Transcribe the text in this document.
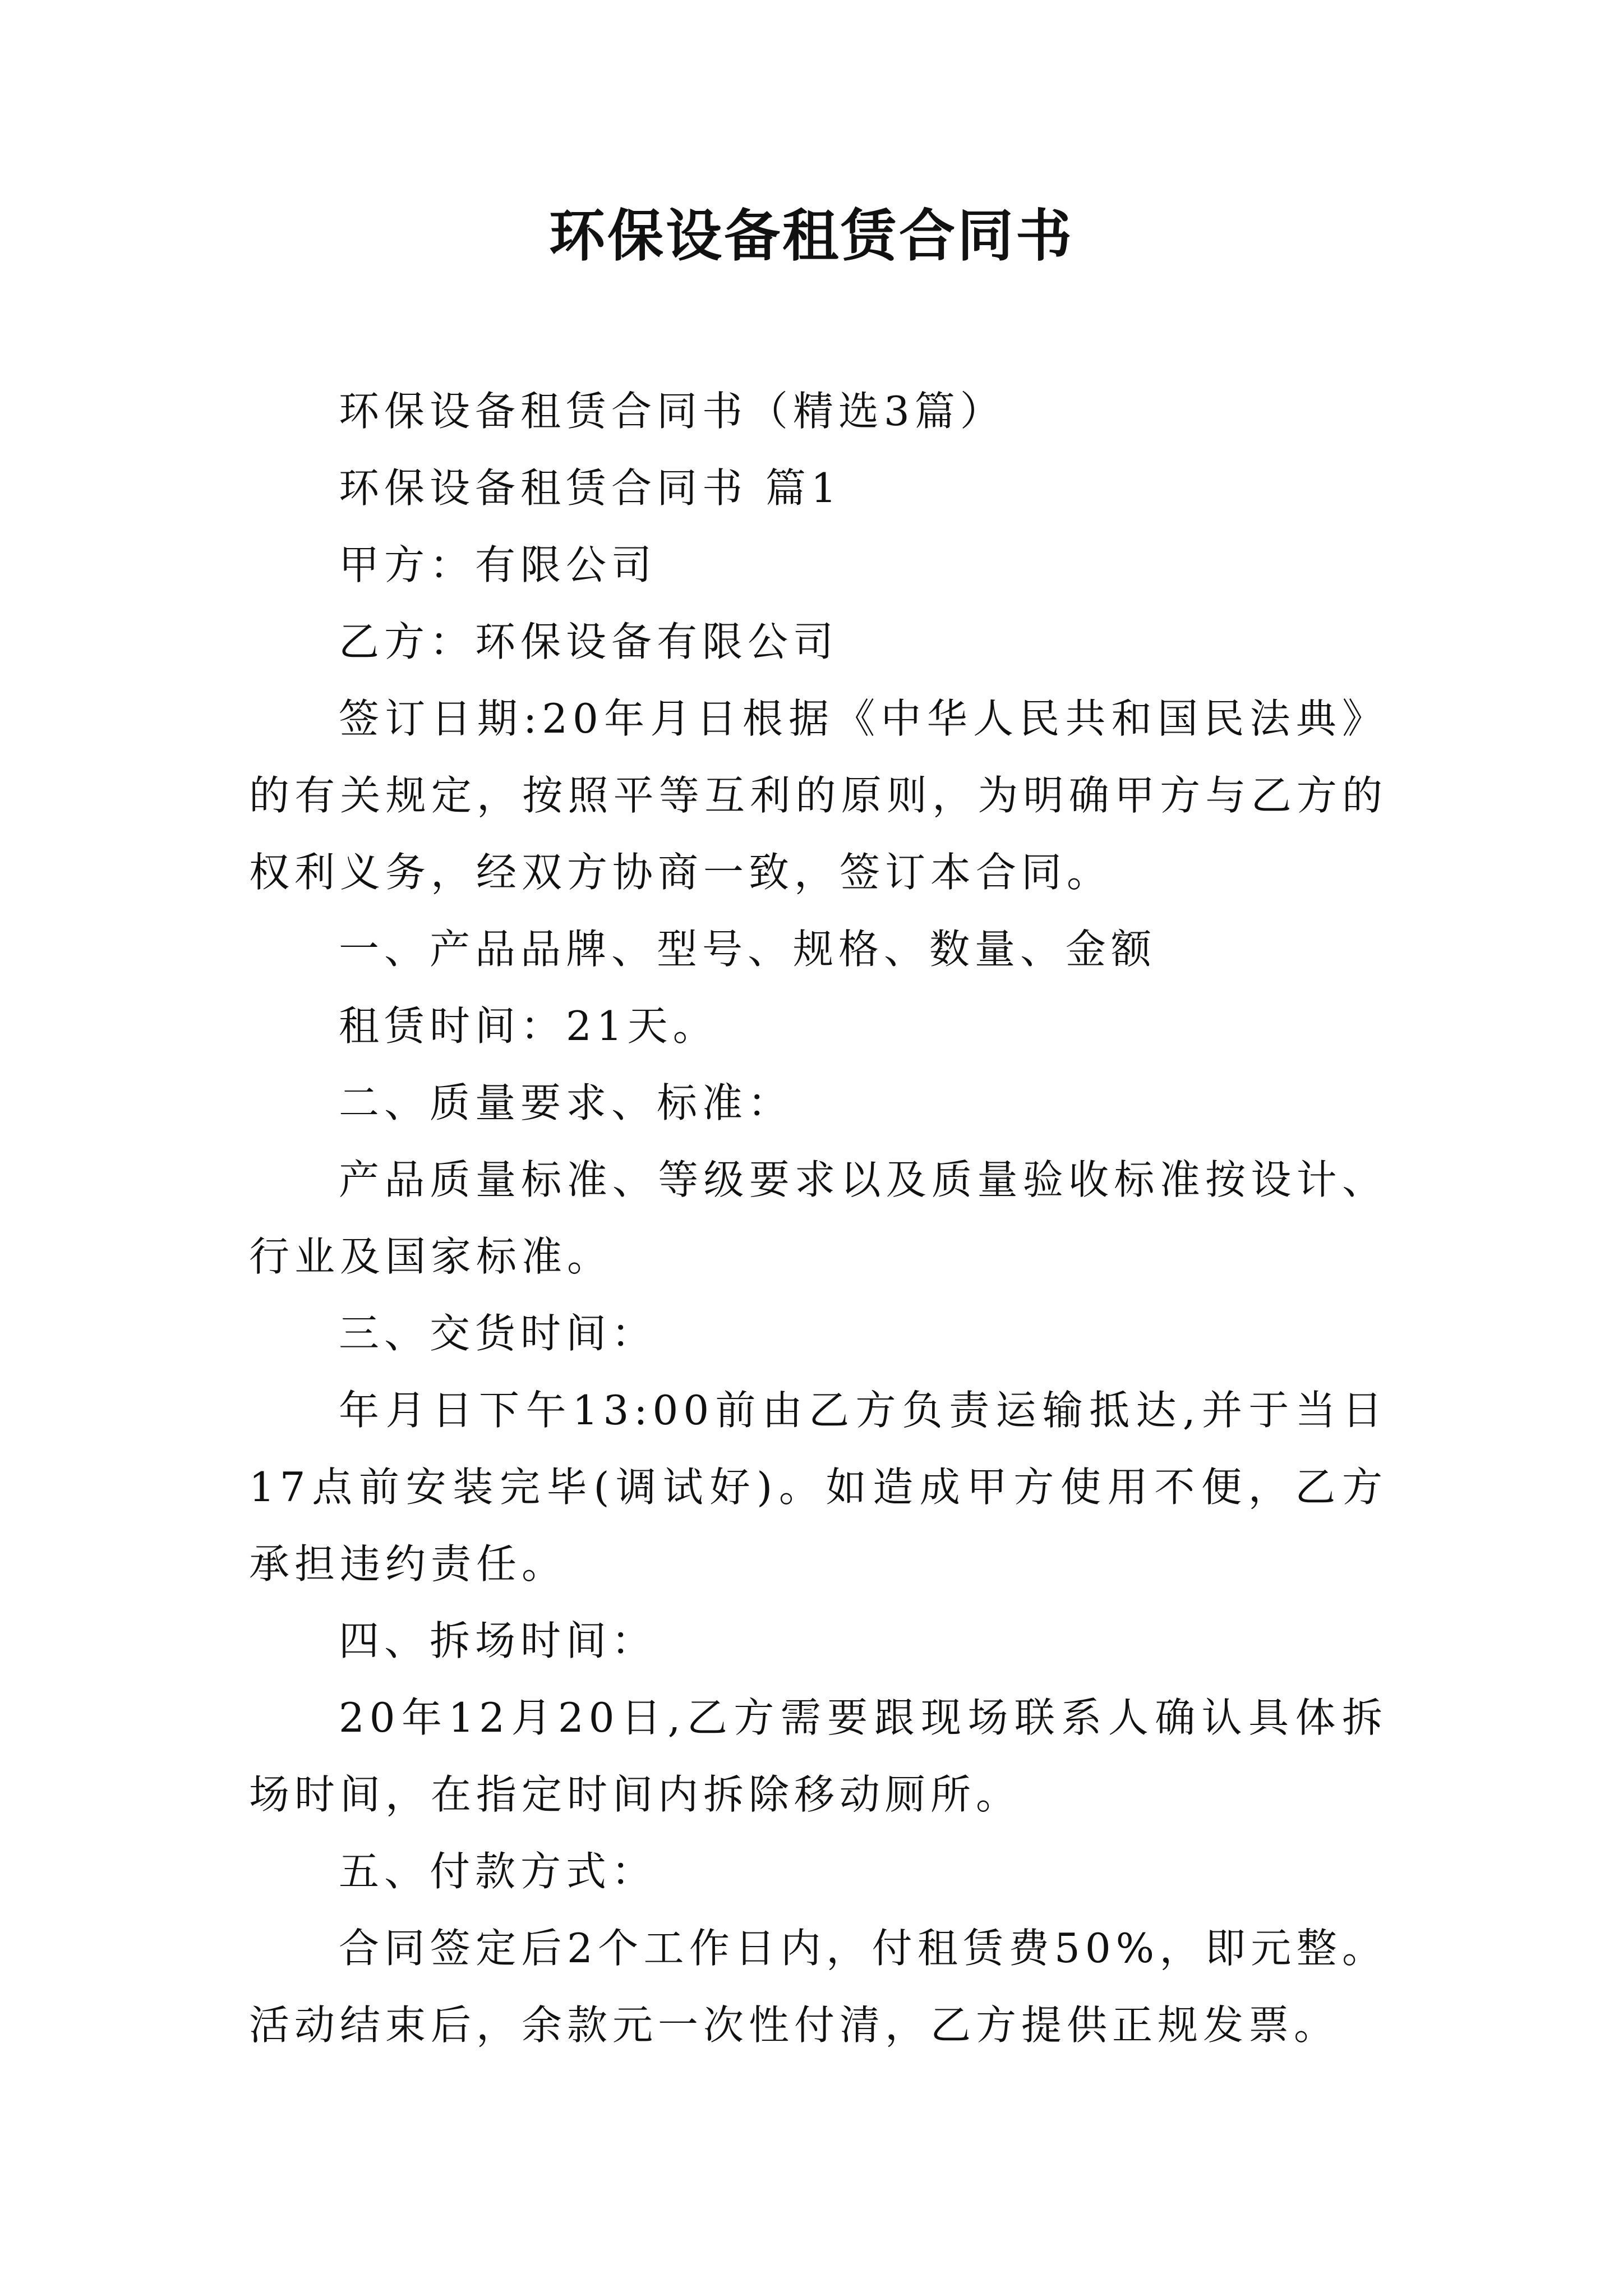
环保设备租赁合同书

环保设备租赁合同书（精选3篇）

环保设备租赁合同书 篇1

甲方：有限公司

乙方：环保设备有限公司

签订日期:20年月日根据《中华人民共和国民法典》的有关规定，按照平等互利的原则，为明确甲方与乙方的权利义务，经双方协商一致，签订本合同。

一、产品品牌、型号、规格、数量、金额

租赁时间：21天。

二、质量要求、标准：

产品质量标准、等级要求以及质量验收标准按设计、行业及国家标准。

三、交货时间：

年月日下午13:00前由乙方负责运输抵达,并于当日17点前安装完毕(调试好)。如造成甲方使用不便，乙方承担违约责任。

四、拆场时间：

20年12月20日,乙方需要跟现场联系人确认具体拆场时间，在指定时间内拆除移动厕所。

五、付款方式：

合同签定后2个工作日内，付租赁费50%，即元整。活动结束后，余款元一次性付清，乙方提供正规发票。
